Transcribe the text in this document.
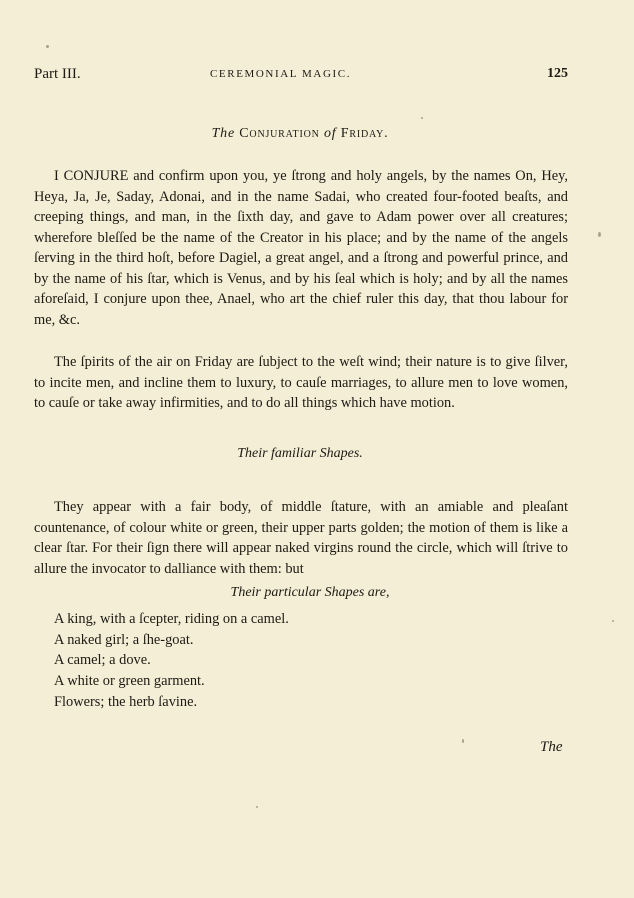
Part III.	CEREMONIAL MAGIC.	125
The Conjuration of Friday.

I CONJURE and confirm upon you, ye ſtrong and holy angels, by the names On, Hey, Heya, Ja, Je, Saday, Adonai, and in the name Sadai, who created four-footed beaſts, and creeping things, and man, in the ſixth day, and gave to Adam power over all creatures; wherefore bleſſed be the name of the Creator in his place; and by the name of the angels ſerving in the third hoſt, before Dagiel, a great angel, and a ſtrong and powerful prince, and by the name of his ſtar, which is Venus, and by his ſeal which is holy; and by all the names aforeſaid, I conjure upon thee, Anael, who art the chief ruler this day, that thou labour for me, &c.

The ſpirits of the air on Friday are ſubject to the weſt wind; their nature is to give ſilver, to incite men, and incline them to luxury, to cauſe marriages, to allure men to love women, to cauſe or take away infirmities, and to do all things which have motion.

Their familiar Shapes.

They appear with a fair body, of middle ſtature, with an amiable and pleaſant countenance, of colour white or green, their upper parts golden; the motion of them is like a clear ſtar. For their ſign there will appear naked virgins round the circle, which will ſtrive to allure the invocator to dalliance with them: but

Their particular Shapes are,
A king, with a ſcepter, riding on a camel.
A naked girl; a ſhe-goat.
A camel; a dove.
A white or green garment.
Flowers; the herb ſavine.
The
